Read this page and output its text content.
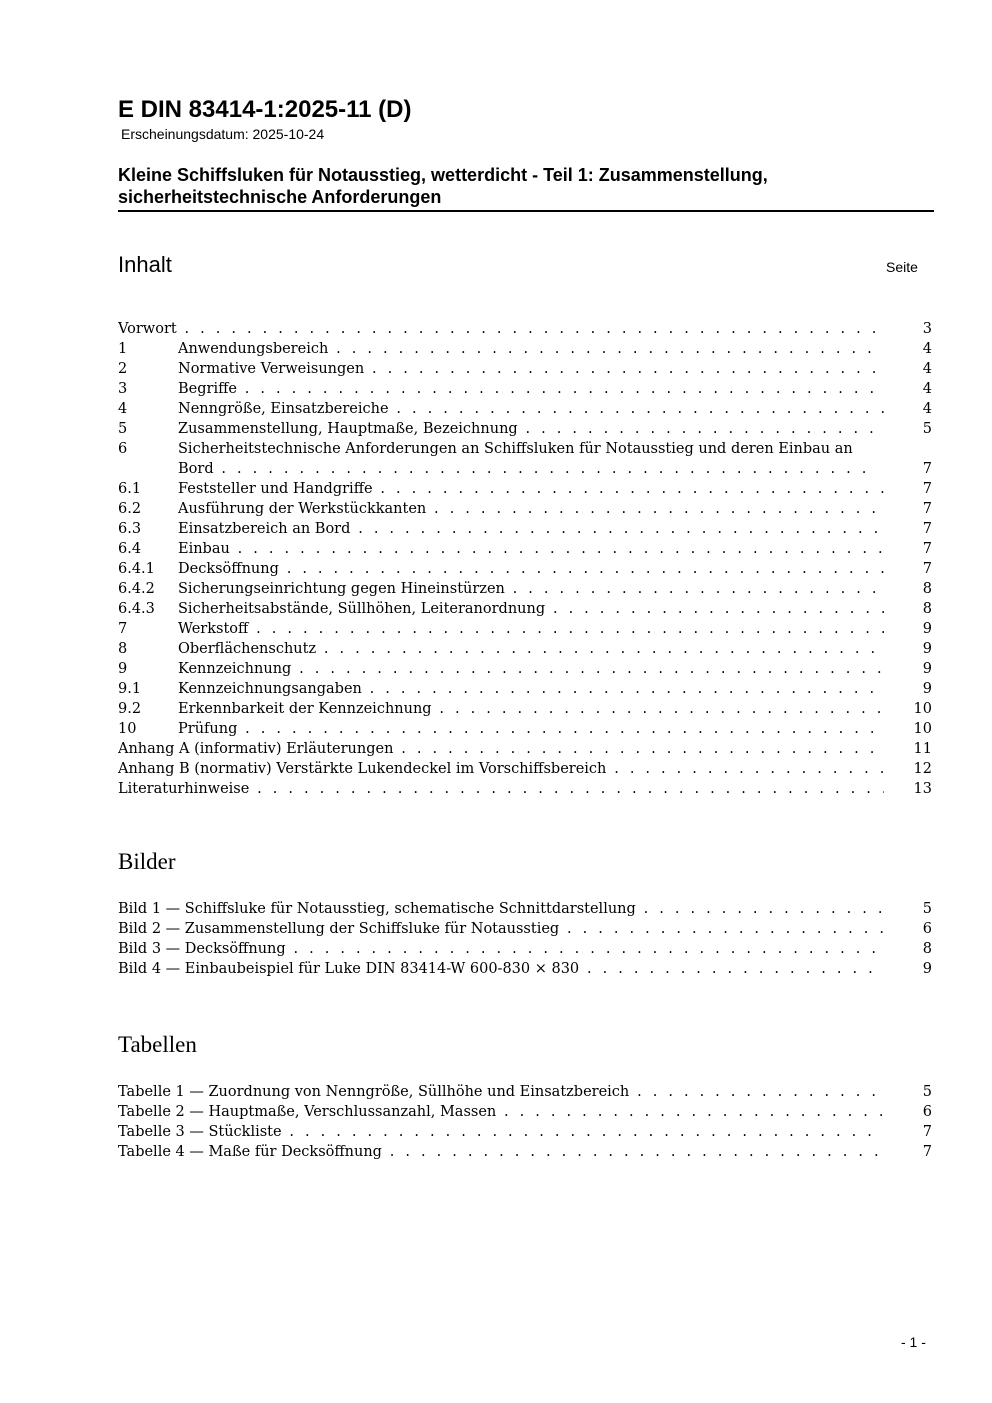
E DIN 83414-1:2025-11 (D)
Erscheinungsdatum: 2025-10-24
Kleine Schiffsluken für Notausstieg, wetterdicht - Teil 1: Zusammenstellung, sicherheitstechnische Anforderungen
Inhalt	Seite
Vorwort . . .	3
1	Anwendungsbereich . . .	4
2	Normative Verweisungen . . .	4
3	Begriffe . . .	4
4	Nenngröße, Einsatzbereiche . . .	4
5	Zusammenstellung, Hauptmaße, Bezeichnung . . .	5
6	Sicherheitstechnische Anforderungen an Schiffsluken für Notausstieg und deren Einbau an Bord . . .	7
6.1	Feststeller und Handgriffe . . .	7
6.2	Ausführung der Werkstückkanten . . .	7
6.3	Einsatzbereich an Bord . . .	7
6.4	Einbau . . .	7
6.4.1 Decksöffnung . . .	7
6.4.2 Sicherungseinrichtung gegen Hineinstürzen . . .	8
6.4.3 Sicherheitsabstände, Süllhöhen, Leiteranordnung . . .	8
7	Werkstoff . . .	9
8	Oberflächenschutz . . .	9
9	Kennzeichnung . . .	9
9.1	Kennzeichnungsangaben . . .	9
9.2	Erkennbarkeit der Kennzeichnung . . .	10
10	Prüfung . . .	10
Anhang A (informativ) Erläuterungen . . .	11
Anhang B (normativ) Verstärkte Lukendeckel im Vorschiffsbereich . . .	12
Literaturhinweise . . .	13
Bilder
Bild 1 — Schiffsluke für Notausstieg, schematische Schnittdarstellung . . .	5
Bild 2 — Zusammenstellung der Schiffsluke für Notausstieg . . .	6
Bild 3 — Decksöffnung . . .	8
Bild 4 — Einbaubeispiel für Luke DIN 83414-W 600-830 × 830 . . .	9
Tabellen
Tabelle 1 — Zuordnung von Nenngröße, Süllhöhe und Einsatzbereich . . .	5
Tabelle 2 — Hauptmaße, Verschlussanzahl, Massen . . .	6
Tabelle 3 — Stückliste . . .	7
Tabelle 4 — Maße für Decksöffnung . . .	7
- 1 -
